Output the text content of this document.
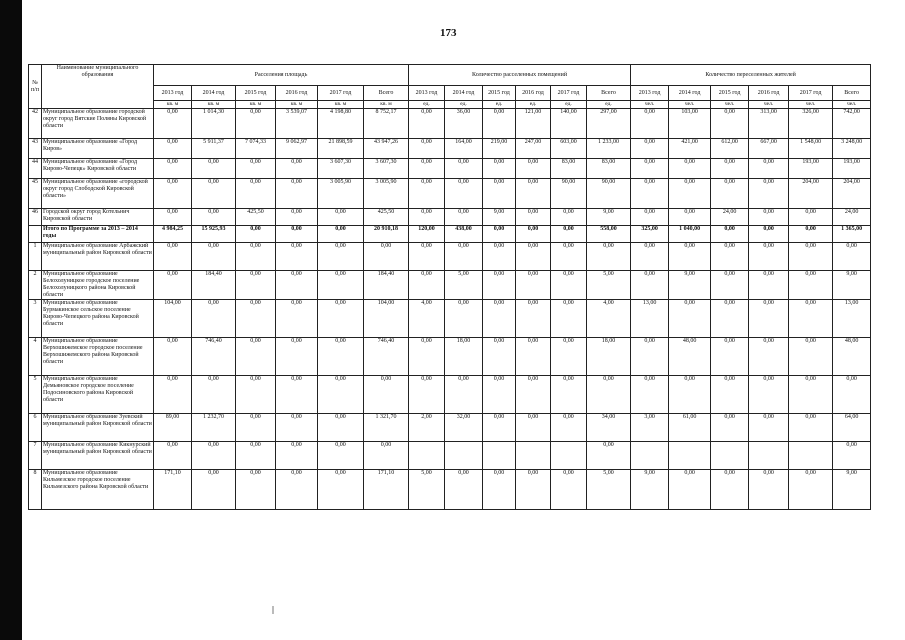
173
№ п/п	Наименование муниципального образования	Расселения площадь						Количество расселенных помещений						Количество переселенных жителей					
		2013 год	2014 год	2015 год	2016 год	2017 год	Всего	2013 год	2014 год	2015 год	2016 год	2017 год	Всего	2013 год	2014 год	2015 год	2016 год	2017 год	Всего
		кв. м	кв. м	кв. м	кв. м	кв. м	кв. м	ед.	ед.	ед.	ед.	ед.	ед.	чел.	чел.	чел.	чел.	чел.	чел.
42	Муниципальное образование городской округ город Вятские Поляны Кировской области	0,00	1 014,30	0,00	3 539,07	4 198,80	8 752,17	0,00	36,00	0,00	121,00	140,00	297,00	0,00	103,00	0,00	313,00	326,00	742,00
43	Муниципальное образование «Город Киров»	0,00	5 911,37	7 074,33	9 062,97	21 898,59	43 947,26	0,00	164,00	219,00	247,00	603,00	1 233,00	0,00	421,00	612,00	667,00	1 548,00	3 248,00
44	Муниципальное образование «Город Кирово-Чепецк» Кировской области	0,00	0,00	0,00	0,00	3 607,30	3 607,30	0,00	0,00	0,00	0,00	83,00	83,00	0,00	0,00	0,00	0,00	193,00	193,00
45	Муниципальное образование «городской округ город Слободской Кировской области»	0,00	0,00	0,00	0,00	3 005,90	3 005,90	0,00	0,00	0,00	0,00	90,00	90,00	0,00	0,00	0,00	0,00	204,00	204,00
46	Городской округ город Котельнич Кировской области	0,00	0,00	425,50	0,00	0,00	425,50	0,00	0,00	9,00	0,00	0,00	9,00	0,00	0,00	24,00	0,00	0,00	24,00
	Итого по Программе за 2013 – 2014 годы	4 984,25	15 925,93	0,00	0,00	0,00	20 910,18	120,00	438,00	0,00	0,00	0,00	558,00	325,00	1 040,00	0,00	0,00	0,00	1 365,00
1	Муниципальное образование Арбажский муниципальный район Кировской области	0,00	0,00	0,00	0,00	0,00	0,00	0,00	0,00	0,00	0,00	0,00	0,00	0,00	0,00	0,00	0,00	0,00	0,00
2	Муниципальное образование Белохолуницкое городское поселение Белохолуницкого района Кировской области	0,00	184,40	0,00	0,00	0,00	184,40	0,00	5,00	0,00	0,00	0,00	5,00	0,00	9,00	0,00	0,00	0,00	9,00
3	Муниципальное образование Бурмакинское сельское поселение Кирово-Чепецкого района Кировской области	104,00	0,00	0,00	0,00	0,00	104,00	4,00	0,00	0,00	0,00	0,00	4,00	13,00	0,00	0,00	0,00	0,00	13,00
4	Муниципальное образование Верхошижемское городское поселение Верхошижемского района Кировской области	0,00	746,40	0,00	0,00	0,00	746,40	0,00	18,00	0,00	0,00	0,00	18,00	0,00	48,00	0,00	0,00	0,00	48,00
5	Муниципальное образование Демьяновское городское поселение Подосиновского района Кировской области	0,00	0,00	0,00	0,00	0,00	0,00	0,00	0,00	0,00	0,00	0,00	0,00	0,00	0,00	0,00	0,00	0,00	0,00
6	Муниципальное образование Зуевский муниципальный район Кировской области	89,00	1 232,70	0,00	0,00	0,00	1 321,70	2,00	32,00	0,00	0,00	0,00	34,00	3,00	61,00	0,00	0,00	0,00	64,00
7	Муниципальное образование Кикнурский муниципальный район Кировской области	0,00	0,00	0,00	0,00	0,00	0,00						0,00						0,00
8	Муниципальное образование Кильмезское городское поселение Кильмезского района Кировской области	171,10	0,00	0,00	0,00	0,00	171,10	5,00	0,00	0,00	0,00	0,00	5,00	9,00	0,00	0,00	0,00	0,00	9,00
